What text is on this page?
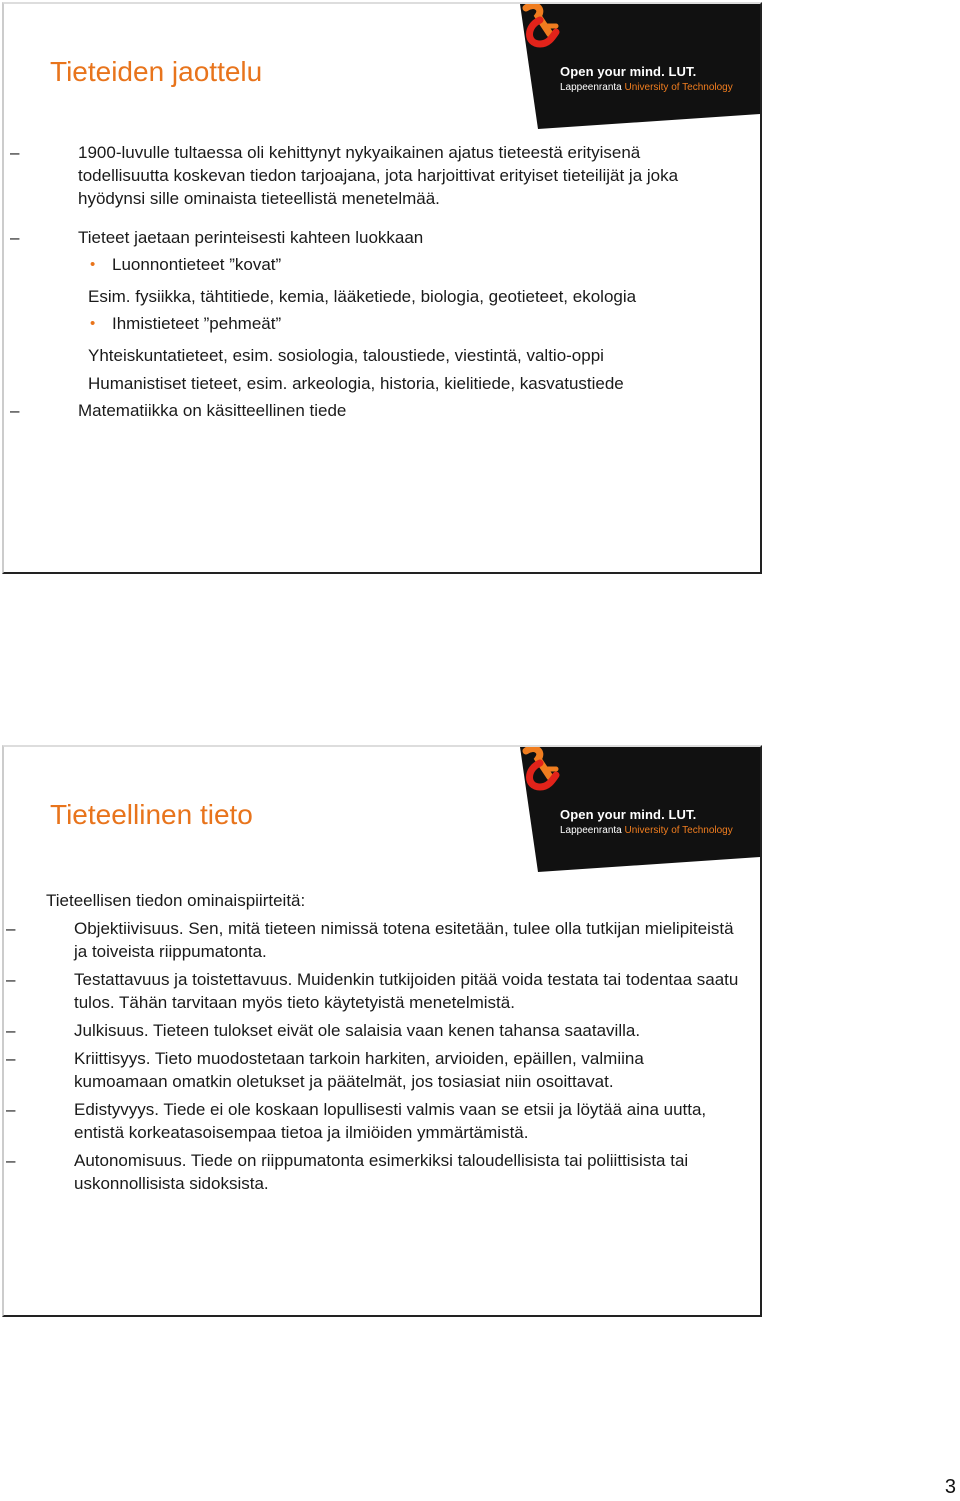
Open your mind. LUT.
Lappeenranta University of Technology
Tieteiden jaottelu
–	1900-luvulle tultaessa oli kehittynyt nykyaikainen ajatus tieteestä erityisenä todellisuutta koskevan tiedon tarjoajana, jota harjoittivat erityiset tieteilijät ja joka hyödynsi sille ominaista tieteellistä menetelmää.
–	Tieteet jaetaan perinteisesti kahteen luokkaan
• Luonnontieteet ”kovat”
Esim. fysiikka, tähtitiede, kemia, lääketiede, biologia, geotieteet, ekologia
• Ihmistieteet ”pehmeät”
Yhteiskuntatieteet, esim. sosiologia, taloustiede, viestintä, valtio-oppi
Humanistiset tieteet, esim. arkeologia, historia, kielitiede, kasvatustiede
–	Matematiikka on käsitteellinen tiede
Open your mind. LUT.
Lappeenranta University of Technology
Tieteellinen tieto

Tieteellisen tiedon ominaispiirteitä:

–	Objektiivisuus. Sen, mitä tieteen nimissä totena esitetään, tulee olla tutkijan mielipiteistä ja toiveista riippumatonta.
–	Testattavuus ja toistettavuus. Muidenkin tutkijoiden pitää voida testata tai todentaa saatu tulos. Tähän tarvitaan myös tieto käytetyistä menetelmistä.
–	Julkisuus. Tieteen tulokset eivät ole salaisia vaan kenen tahansa saatavilla.
–	Kriittisyys. Tieto muodostetaan tarkoin harkiten, arvioiden, epäillen, valmiina kumoamaan omatkin oletukset ja päätelmät, jos tosiasiat niin osoittavat.
–	Edistyvyys. Tiede ei ole koskaan lopullisesti valmis vaan se etsii ja löytää aina uutta, entistä korkeatasoisempaa tietoa ja ilmiöiden ymmärtämistä.
–	Autonomisuus. Tiede on riippumatonta esimerkiksi taloudellisista tai poliittisista tai uskonnollisista sidoksista.
3
